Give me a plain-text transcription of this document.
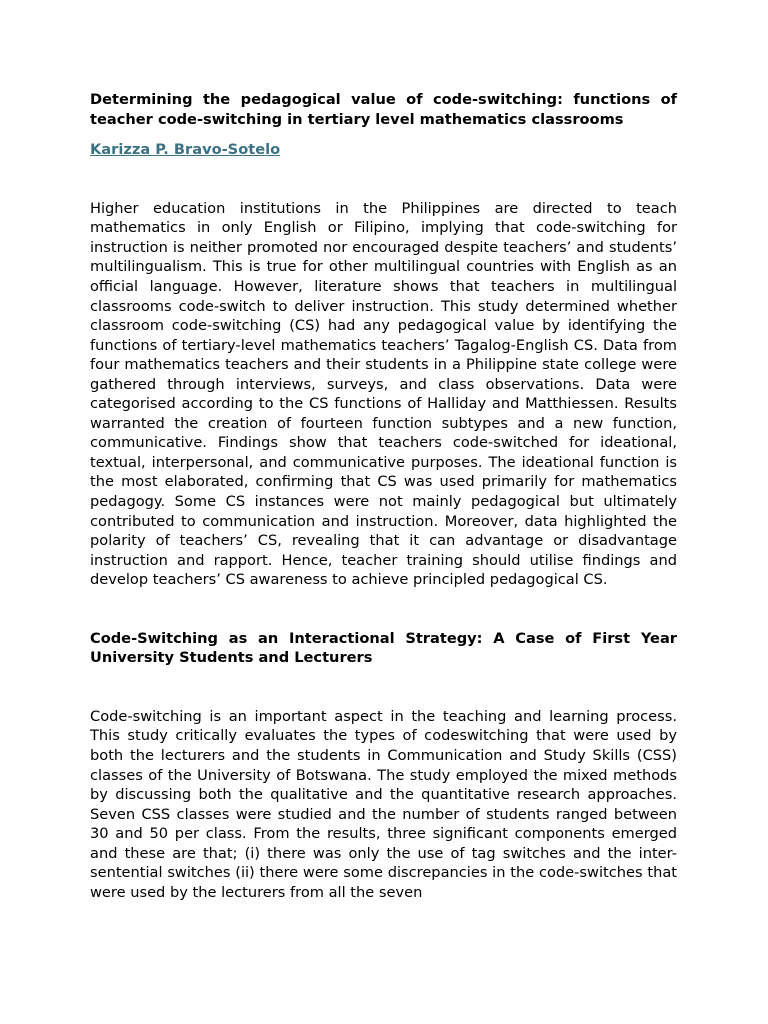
Determining the pedagogical value of code-switching: functions of teacher code-switching in tertiary level mathematics classrooms

Karizza P. Bravo-Sotelo

Higher education institutions in the Philippines are directed to teach mathematics in only English or Filipino, implying that code-switching for instruction is neither promoted nor encouraged despite teachers’ and students’ multilingualism. This is true for other multilingual countries with English as an official language. However, literature shows that teachers in multilingual classrooms code-switch to deliver instruction. This study determined whether classroom code-switching (CS) had any pedagogical value by identifying the functions of tertiary-level mathematics teachers’ Tagalog-English CS. Data from four mathematics teachers and their students in a Philippine state college were gathered through interviews, surveys, and class observations. Data were categorised according to the CS functions of Halliday and Matthiessen. Results warranted the creation of fourteen function subtypes and a new function, communicative. Findings show that teachers code-switched for ideational, textual, interpersonal, and communicative purposes. The ideational function is the most elaborated, confirming that CS was used primarily for mathematics pedagogy. Some CS instances were not mainly pedagogical but ultimately contributed to communication and instruction. Moreover, data highlighted the polarity of teachers’ CS, revealing that it can advantage or disadvantage instruction and rapport. Hence, teacher training should utilise findings and develop teachers’ CS awareness to achieve principled pedagogical CS.

Code-Switching as an Interactional Strategy: A Case of First Year University Students and Lecturers

Code-switching is an important aspect in the teaching and learning process. This study critically evaluates the types of codeswitching that were used by both the lecturers and the students in Communication and Study Skills (CSS) classes of the University of Botswana. The study employed the mixed methods by discussing both the qualitative and the quantitative research approaches. Seven CSS classes were studied and the number of students ranged between 30 and 50 per class. From the results, three significant components emerged and these are that; (i) there was only the use of tag switches and the inter-sentential switches (ii) there were some discrepancies in the code-switches that were used by the lecturers from all the seven
